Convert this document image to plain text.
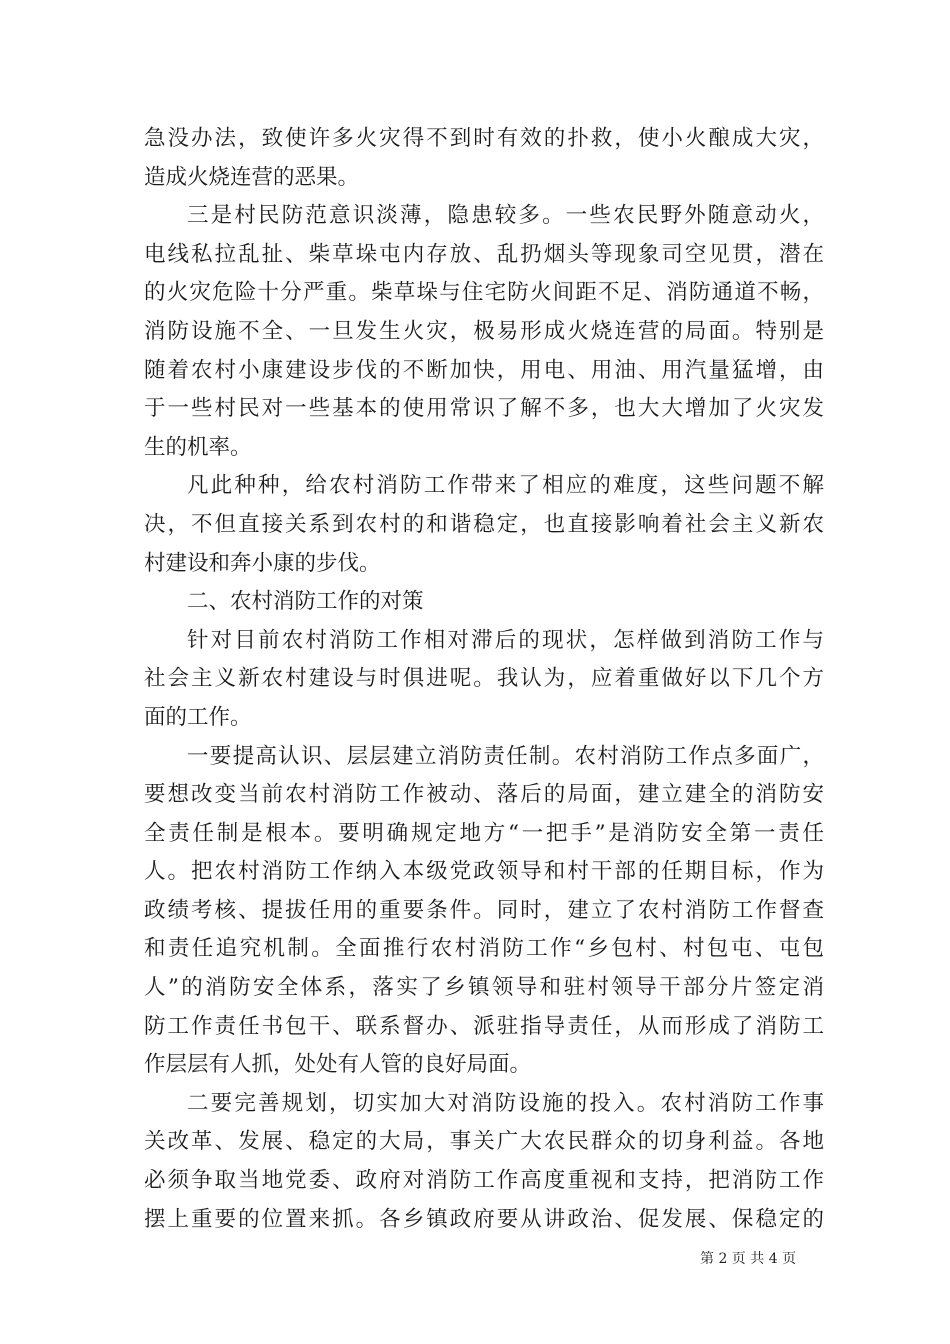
急没办法，致使许多火灾得不到时有效的扑救，使小火酿成大灾，
造成火烧连营的恶果。
三是村民防范意识淡薄，隐患较多。一些农民野外随意动火，
电线私拉乱扯、柴草垛屯内存放、乱扔烟头等现象司空见贯，潜在
的火灾危险十分严重。柴草垛与住宅防火间距不足、消防通道不畅，
消防设施不全、一旦发生火灾，极易形成火烧连营的局面。特别是
随着农村小康建设步伐的不断加快，用电、用油、用汽量猛增，由
于一些村民对一些基本的使用常识了解不多，也大大增加了火灾发
生的机率。
凡此种种，给农村消防工作带来了相应的难度，这些问题不解
决，不但直接关系到农村的和谐稳定，也直接影响着社会主义新农
村建设和奔小康的步伐。
二、农村消防工作的对策
针对目前农村消防工作相对滞后的现状，怎样做到消防工作与
社会主义新农村建设与时俱进呢。我认为，应着重做好以下几个方
面的工作。
一要提高认识、层层建立消防责任制。农村消防工作点多面广，
要想改变当前农村消防工作被动、落后的局面，建立建全的消防安
全责任制是根本。要明确规定地方“一把手”是消防安全第一责任
人。把农村消防工作纳入本级党政领导和村干部的任期目标，作为
政绩考核、提拔任用的重要条件。同时，建立了农村消防工作督查
和责任追究机制。全面推行农村消防工作“乡包村、村包屯、屯包
人”的消防安全体系，落实了乡镇领导和驻村领导干部分片签定消
防工作责任书包干、联系督办、派驻指导责任，从而形成了消防工
作层层有人抓，处处有人管的良好局面。
二要完善规划，切实加大对消防设施的投入。农村消防工作事
关改革、发展、稳定的大局，事关广大农民群众的切身利益。各地
必须争取当地党委、政府对消防工作高度重视和支持，把消防工作
摆上重要的位置来抓。各乡镇政府要从讲政治、促发展、保稳定的
第 2 页 共 4 页
